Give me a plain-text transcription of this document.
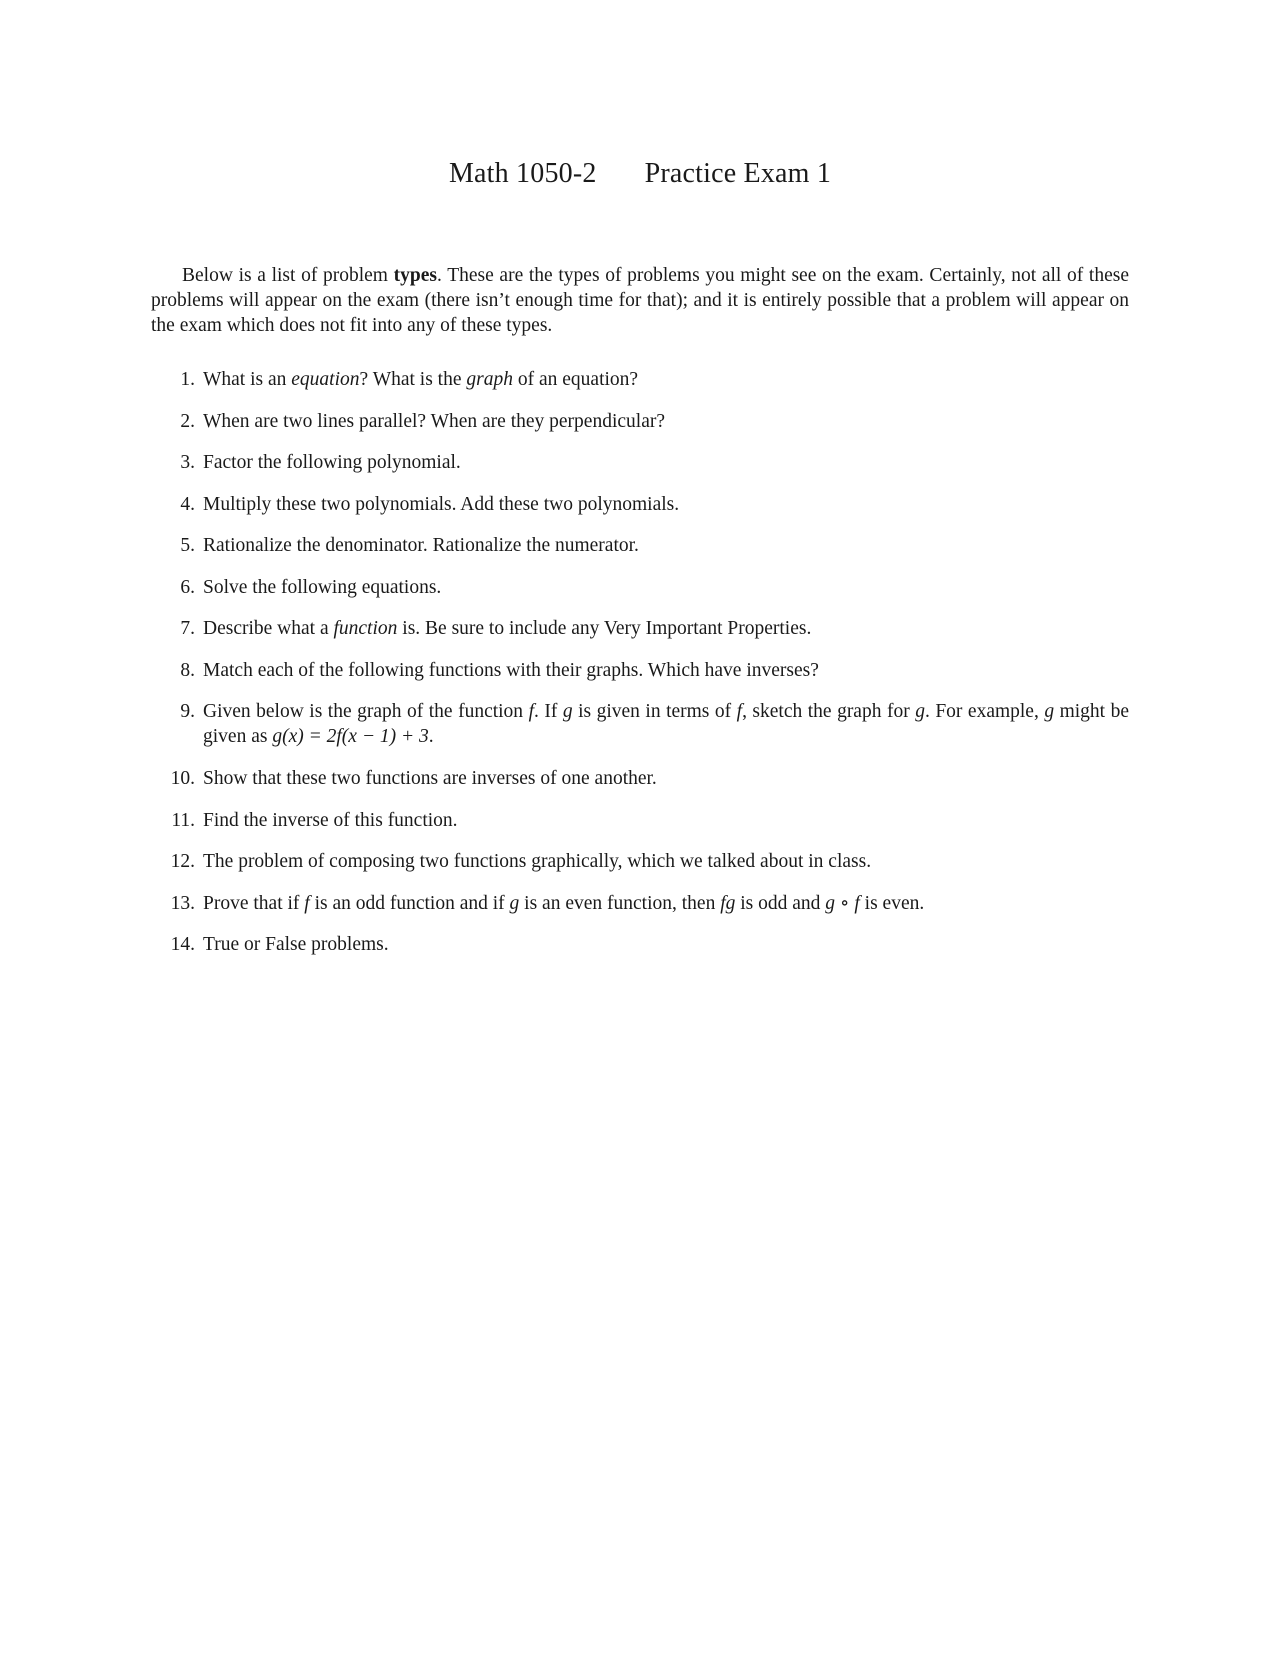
Math 1050-2 Practice Exam 1

Below is a list of problem types. These are the types of problems you might see on the exam. Certainly, not all of these problems will appear on the exam (there isn’t enough time for that); and it is entirely possible that a problem will appear on the exam which does not fit into any of these types.

1. What is an equation? What is the graph of an equation?
2. When are two lines parallel? When are they perpendicular?
3. Factor the following polynomial.
4. Multiply these two polynomials. Add these two polynomials.
5. Rationalize the denominator. Rationalize the numerator.
6. Solve the following equations.
7. Describe what a function is. Be sure to include any Very Important Properties.
8. Match each of the following functions with their graphs. Which have inverses?
9. Given below is the graph of the function f. If g is given in terms of f, sketch the graph for g. For example, g might be given as g(x) = 2f(x − 1) + 3.
10. Show that these two functions are inverses of one another.
11. Find the inverse of this function.
12. The problem of composing two functions graphically, which we talked about in class.
13. Prove that if f is an odd function and if g is an even function, then fg is odd and g ∘ f is even.
14. True or False problems.
